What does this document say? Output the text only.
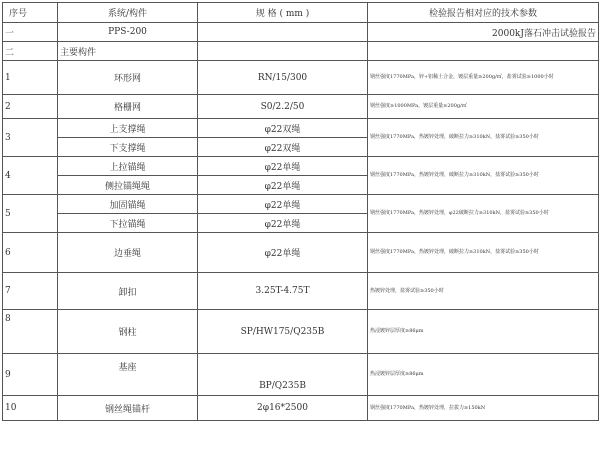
序号	系统/构件	规 格 ( mm )	检验报告相对应的技术参数
一	PPS-200		2000kJ落石冲击试验报告
二	主要构件		
1	环形网	RN/15/300	钢丝强度1770MPa，锌+铝稀土合金，镀层重量≥200g/㎡，盐雾试验≥1000小时
2	格栅网	S0/2.2/50	钢丝强度≥1000MPa，镀层重量≥200g/㎡
3	上支撑绳	φ22双绳	钢丝强度1770MPa，热镀锌处理，破断拉力≥310kN，盐雾试验≥350小时
	下支撑绳	φ22双绳	
4	上拉锚绳	φ22单绳	钢丝强度1770MPa，热镀锌处理，破断拉力≥310kN，盐雾试验≥350小时
	侧拉锚绳绳	φ22单绳	
5	加固锚绳	φ22单绳	钢丝强度1770MPa，热镀锌处理，φ22破断拉力≥310kN，盐雾试验≥350小时
	下拉锚绳	φ22单绳	
6	边垂绳	φ22单绳	钢丝强度1770MPa，热镀锌处理，破断拉力≥310kN，盐雾试验≥350小时
7	卸扣	3.25T-4.75T	热镀锌处理，盐雾试验≥350小时
8	钢柱	SP/HW175/Q235B	热浸镀锌层厚度≥86μm
9	基座	BP/Q235B	热浸镀锌层厚度≥86μm
10	钢丝绳锚杆	2φ16*2500	钢丝强度1770MPa，热镀锌处理，拉拔力≥150kN
